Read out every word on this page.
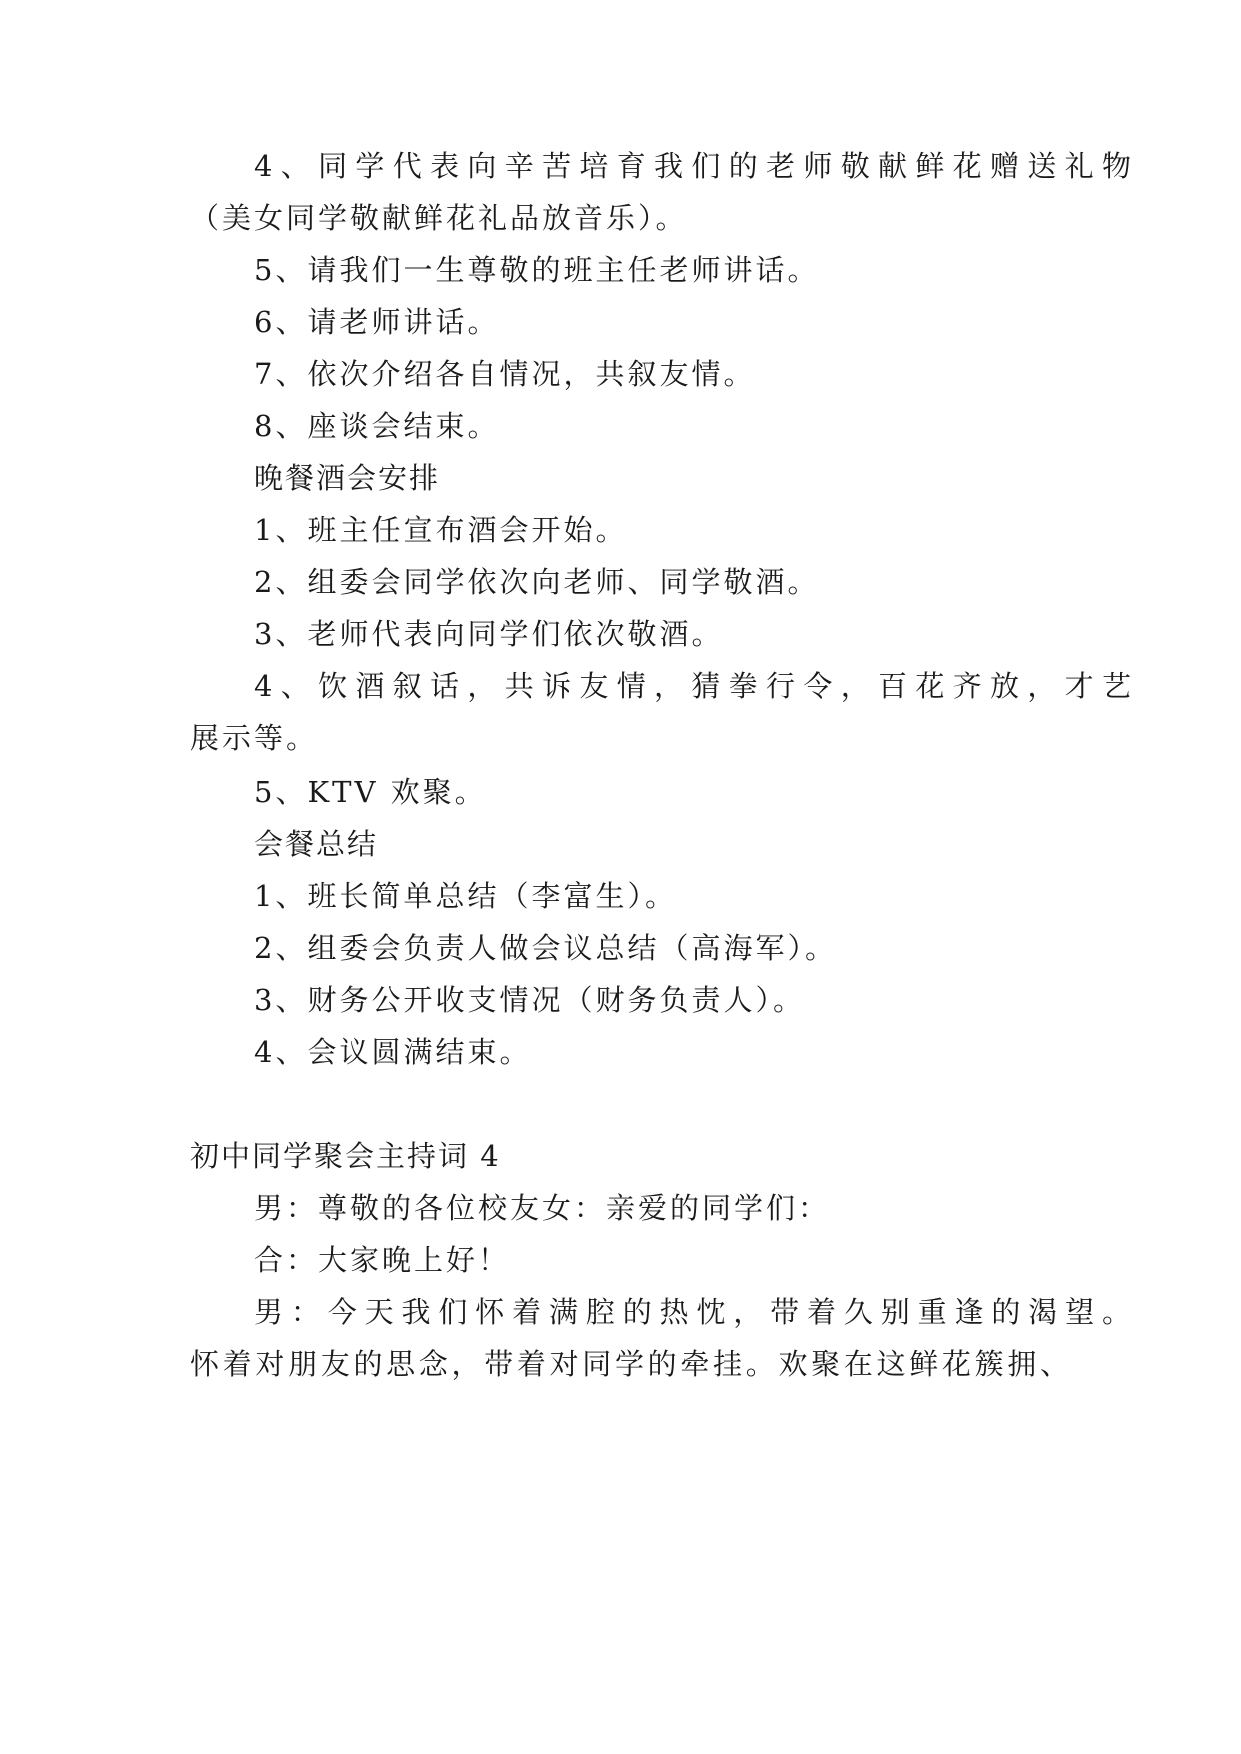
4、同学代表向辛苦培育我们的老师敬献鲜花赠送礼物
（美女同学敬献鲜花礼品放音乐）。
5、请我们一生尊敬的班主任老师讲话。
6、请老师讲话。
7、依次介绍各自情况，共叙友情。
8、座谈会结束。
晚餐酒会安排
1、班主任宣布酒会开始。
2、组委会同学依次向老师、同学敬酒。
3、老师代表向同学们依次敬酒。
4、饮酒叙话，共诉友情，猜拳行令，百花齐放，才艺
展示等。
5、KTV 欢聚。
会餐总结
1、班长简单总结（李富生）。
2、组委会负责人做会议总结（高海军）。
3、财务公开收支情况（财务负责人）。
4、会议圆满结束。
初中同学聚会主持词 4
男：尊敬的各位校友女：亲爱的同学们：
合：大家晚上好！
男：今天我们怀着满腔的热忱，带着久别重逢的渴望。
怀着对朋友的思念，带着对同学的牵挂。欢聚在这鲜花簇拥、
